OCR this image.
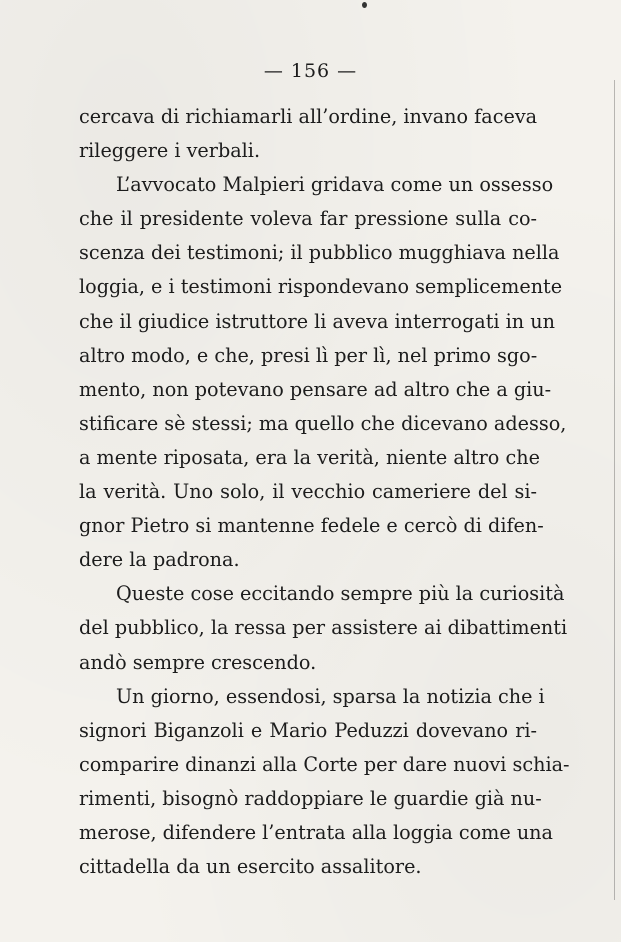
— 156 —
cercava di richiamarli all’ordine, invano faceva
rileggere i verbali.
L’avvocato Malpieri gridava come un ossesso
che il presidente voleva far pressione sulla co-
scenza dei testimoni; il pubblico mugghiava nella
loggia, e i testimoni rispondevano semplicemente
che il giudice istruttore li aveva interrogati in un
altro modo, e che, presi lì per lì, nel primo sgo-
mento, non potevano pensare ad altro che a giu-
stificare sè stessi; ma quello che dicevano adesso,
a mente riposata, era la verità, niente altro che
la verità. Uno solo, il vecchio cameriere del si-
gnor Pietro si mantenne fedele e cercò di difen-
dere la padrona.
Queste cose eccitando sempre più la curiosità
del pubblico, la ressa per assistere ai dibattimenti
andò sempre crescendo.
Un giorno, essendosi, sparsa la notizia che i
signori Biganzoli e Mario Peduzzi dovevano ri-
comparire dinanzi alla Corte per dare nuovi schia-
rimenti, bisognò raddoppiare le guardie già nu-
merose, difendere l’entrata alla loggia come una
cittadella da un esercito assalitore.
